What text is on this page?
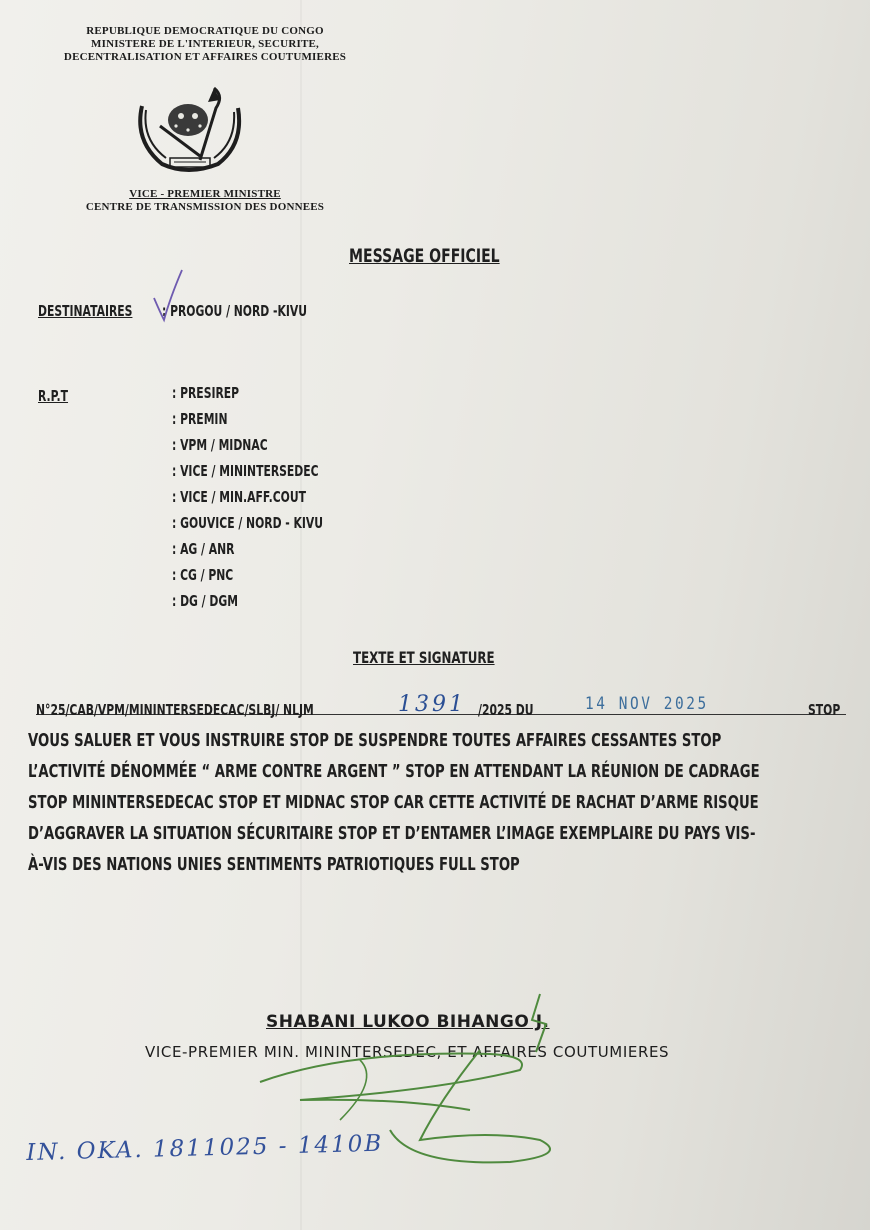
REPUBLIQUE DEMOCRATIQUE DU CONGO
MINISTERE DE L'INTERIEUR, SECURITE,
DECENTRALISATION ET AFFAIRES COUTUMIERES
VICE - PREMIER MINISTRE
CENTRE DE TRANSMISSION DES DONNEES
MESSAGE OFFICIEL
DESTINATAIRES : PROGOU / NORD -KIVU
R.P.T	: PRESIREP
: PREMIN
: VPM / MIDNAC
: VICE / MININTERSEDEC
: VICE / MIN.AFF.COUT
: GOUVICE / NORD - KIVU
: AG / ANR
: CG / PNC
: DG / DGM
TEXTE ET SIGNATURE
N°25/CAB/VPM/MININTERSEDECAC/SLBJ/ NLJM	1391 /2025 DU	14 NOV 2025	STOP
VOUS SALUER ET VOUS INSTRUIRE STOP DE SUSPENDRE TOUTES AFFAIRES CESSANTES STOP
L’ACTIVITÉ DÉNOMMÉE “ ARME CONTRE ARGENT ” STOP EN ATTENDANT LA RÉUNION DE CADRAGE
STOP MININTERSEDECAC STOP ET MIDNAC STOP CAR CETTE ACTIVITÉ DE RACHAT D’ARME RISQUE
D’AGGRAVER LA SITUATION SÉCURITAIRE STOP ET D’ENTAMER L’IMAGE EXEMPLAIRE DU PAYS VIS-
À-VIS DES NATIONS UNIES SENTIMENTS PATRIOTIQUES FULL STOP
SHABANI LUKOO BIHANGO J.
VICE-PREMIER MIN. MININTERSEDEC, ET AFFAIRES COUTUMIERES
IN. OKA. 1811025 - 1410B
